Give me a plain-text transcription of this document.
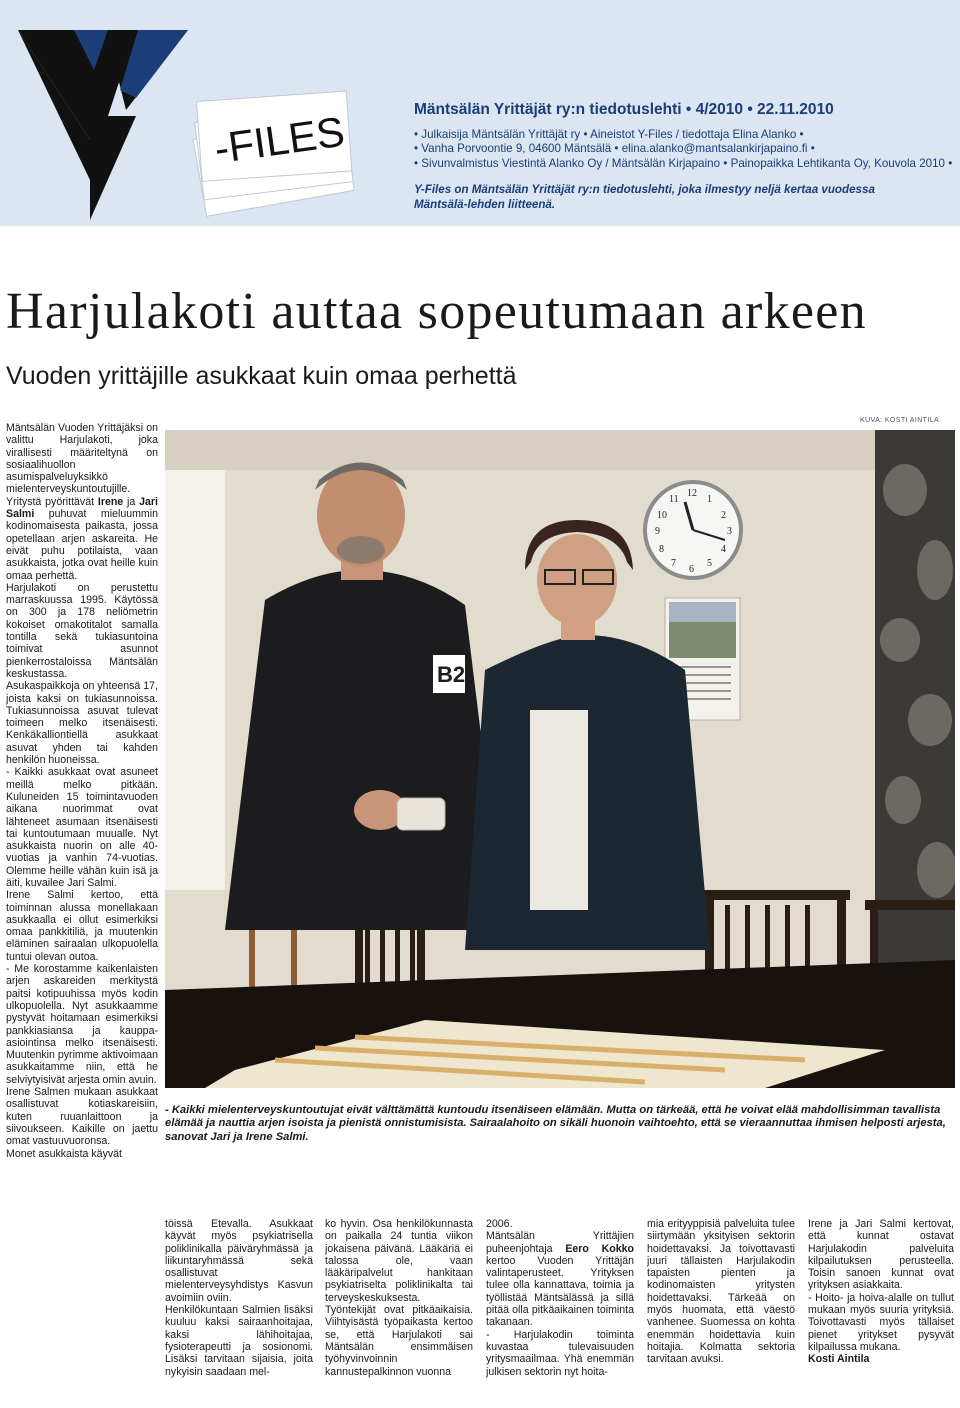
-FILES	Mäntsälän Yrittäjät ry:n tiedotuslehti • 4/2010 • 22.11.2010
• Julkaisija Mäntsälän Yrittäjät ry • Aineistot Y-Files / tiedottaja Elina Alanko •
• Vanha Porvoontie 9, 04600 Mäntsälä • elina.alanko@mantsalankirjapaino.fi •
• Sivunvalmistus Viestintä Alanko Oy / Mäntsälän Kirjapaino • Painopaikka Lehtikanta Oy, Kouvola 2010 •
Y-Files on Mäntsälän Yrittäjät ry:n tiedotuslehti, joka ilmestyy neljä kertaa vuodessa Mäntsälä-lehden liitteenä.
Harjulakoti auttaa sopeutumaan arkeen
Vuoden yrittäjille asukkaat kuin omaa perhettä
KUVA: KOSTI AINTILA

Mäntsälän Vuoden Yrittäjäksi on valittu Harjulakoti, joka virallisesti määriteltynä on sosiaalihuollon asumispalveluyksikkö mielenterveyskuntoutujille. Yritystä pyörittävät Irene ja Jari Salmi puhuvat mieluummin kodinomaisesta paikasta, jossa opetellaan arjen askareita. He eivät puhu potilaista, vaan asukkaista, jotka ovat heille kuin omaa perhettä.

Harjulakoti on perustettu marraskuussa 1995. Käytössä on 300 ja 178 neliömetrin kokoiset omakotitalot samalla tontilla sekä tukiasuntoina toimivat asunnot pienkerrostaloissa Mäntsälän keskustassa.

Asukaspaikkoja on yhteensä 17, joista kaksi on tukiasunnoissa. Tukiasunnoissa asuvat tulevat toimeen melko itsenäisesti. Kenkäkalliontiellä asukkaat asuvat yhden tai kahden henkilön huoneissa.

- Kaikki asukkaat ovat asuneet meillä melko pitkään. Kuluneiden 15 toimintavuoden aikana nuorimmat ovat lähteneet asumaan itsenäisesti tai kuntoutumaan muualle. Nyt asukkaista nuorin on alle 40-vuotias ja vanhin 74-vuotias. Olemme heille vähän kuin isä ja äiti, kuvailee Jari Salmi.

Irene Salmi kertoo, että toiminnan alussa monellakaan asukkaalla ei ollut esimerkiksi omaa pankkitiliä, ja muutenkin eläminen sairaalan ulkopuolella tuntui olevan outoa.

- Me korostamme kaikenlaisten arjen askareiden merkitystä paitsi kotipuuhissa myös kodin ulkopuolella. Nyt asukkaamme pystyvät hoitamaan esimerkiksi pankkiasiansa ja kauppa-asiointinsa melko itsenäisesti. Muutenkin pyrimme aktivoimaan asukkaitamme niin, että he selviytyisivät arjesta omin avuin.

Irene Salmen mukaan asukkaat osallistuvat kotiaskareisiin, kuten ruuanlaittoon ja siivoukseen. Kaikille on jaettu omat vastuuvuoronsa.

Monet asukkaista käyvät

12
1
2
3
4
5
6
7
8
9
10
11
B2
- Kaikki mielenterveyskuntoutujat eivät välttämättä kuntoudu itsenäiseen elämään. Mutta on tärkeää, että he voivat elää mahdollisimman tavallista elämää ja nauttia arjen isoista ja pienistä onnistumisista. Sairaalahoito on sikäli huonoin vaihtoehto, että se vieraannuttaa ihmisen helposti arjesta, sanovat Jari ja Irene Salmi.

töissä Etevalla. Asukkaat käyvät myös psykiatrisella poliklinikalla päiväryhmässä ja liikuntaryhmässä sekä osallistuvat mielenterveysyhdistys Kasvun avoimiin oviin.

Henkilökuntaan Salmien lisäksi kuuluu kaksi sairaanhoitajaa, kaksi lähihoitajaa, fysioterapeutti ja sosionomi. Lisäksi tarvitaan sijaisia, joita nykyisin saadaan mel-

ko hyvin. Osa henkilökunnasta on paikalla 24 tuntia viikon jokaisena päivänä. Lääkäriä ei talossa ole, vaan lääkäripalvelut hankitaan psykiatriselta poliklinikalta tai terveyskeskuksesta.

Työntekijät ovat pitkäaikaisia. Viihtyisästä työpaikasta kertoo se, että Harjulakoti sai Mäntsälän ensimmäisen työhyvinvoinnin kannustepalkinnon vuonna

2006.

Mäntsälän Yrittäjien puheenjohtaja Eero Kokko kertoo Vuoden Yrittäjän valintaperusteet. Yrityksen tulee olla kannattava, toimia ja työllistää Mäntsälässä ja sillä pitää olla pitkäaikainen toiminta takanaan.

- Harjulakodin toiminta kuvastaa tulevaisuuden yritysmaailmaa. Yhä enemmän julkisen sektorin nyt hoita-

mia erityyppisiä palveluita tulee siirtymään yksityisen sektorin hoidettavaksi. Ja toivottavasti juuri tällaisten Harjulakodin tapaisten pienten ja kodinomaisten yritysten hoidettavaksi. Tärkeää on myös huomata, että väestö vanhenee. Suomessa on kohta enemmän hoidettavia kuin hoitajia. Kolmatta sektoria tarvitaan avuksi.

Irene ja Jari Salmi kertovat, että kunnat ostavat Harjulakodin palveluita kilpailutuksen perusteella. Toisin sanoen kunnat ovat yrityksen asiakkaita.

- Hoito- ja hoiva-alalle on tullut mukaan myös suuria yrityksiä. Toivottavasti myös tällaiset pienet yritykset pysyvät kilpailussa mukana.

Kosti Aintila
